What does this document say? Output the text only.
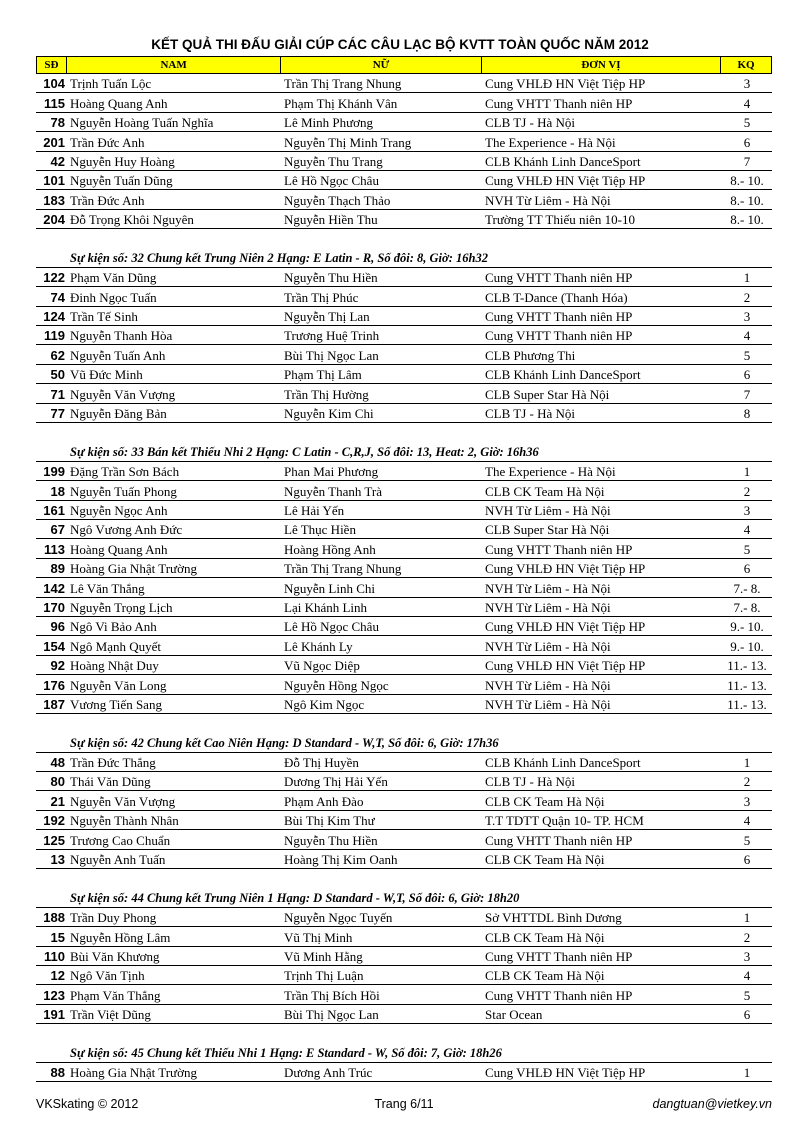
KẾT QUẢ THI ĐẤU GIẢI CÚP CÁC CÂU LẠC BỘ KVTT TOÀN QUỐC NĂM 2012
SĐ	NAM	NỮ	ĐƠN VỊ	KQ
104 Trịnh Tuấn Lộc	Trần Thị Trang Nhung	Cung VHLĐ HN Việt Tiệp HP	3
115 Hoàng Quang Anh	Phạm Thị Khánh Vân	Cung VHTT Thanh niên HP	4
78 Nguyễn Hoàng Tuấn Nghĩa	Lê Minh Phương	CLB TJ - Hà Nội	5
201 Trần Đức Anh	Nguyễn Thị Minh Trang	The Experience - Hà Nội	6
42 Nguyễn Huy Hoàng	Nguyễn Thu Trang	CLB Khánh Linh DanceSport	7
101 Nguyễn Tuấn Dũng	Lê Hồ Ngọc Châu	Cung VHLĐ HN Việt Tiệp HP	8.- 10.
183 Trần Đức Anh	Nguyễn Thạch Thảo	NVH Từ Liêm - Hà Nội	8.- 10.
204 Đỗ Trọng Khôi Nguyên	Nguyễn Hiền Thu	Trường TT Thiếu niên 10-10	8.- 10.
Sự kiện số: 32 Chung kết Trung Niên 2 Hạng: E Latin - R, Số đôi: 8, Giờ: 16h32
122 Phạm Văn Dũng	Nguyễn Thu Hiền	Cung VHTT Thanh niên HP	1
74 Đinh Ngọc Tuấn	Trần Thị Phúc	CLB T-Dance (Thanh Hóa)	2
124 Trần Tế Sinh	Nguyễn Thị Lan	Cung VHTT Thanh niên HP	3
119 Nguyễn Thanh Hòa	Trương Huệ Trinh	Cung VHTT Thanh niên HP	4
62 Nguyễn Tuấn Anh	Bùi Thị Ngọc Lan	CLB Phương Thi	5
50 Vũ Đức Minh	Phạm Thị Lâm	CLB Khánh Linh DanceSport	6
71 Nguyễn Văn Vượng	Trần Thị Hường	CLB Super Star Hà Nội	7
77 Nguyễn Đăng Bản	Nguyễn Kim Chi	CLB TJ - Hà Nội	8
Sự kiện số: 33 Bán kết Thiếu Nhi 2 Hạng: C Latin - C,R,J, Số đôi: 13, Heat: 2, Giờ: 16h36
199 Đặng Trần Sơn Bách	Phan Mai Phương	The Experience - Hà Nội	1
18 Nguyễn Tuấn Phong	Nguyễn Thanh Trà	CLB CK Team Hà Nội	2
161 Nguyễn Ngọc Anh	Lê Hải Yến	NVH Từ Liêm - Hà Nội	3
67 Ngô Vương Anh Đức	Lê Thục Hiền	CLB Super Star Hà Nội	4
113 Hoàng Quang Anh	Hoàng Hồng Anh	Cung VHTT Thanh niên HP	5
89 Hoàng Gia Nhật Trường	Trần Thị Trang Nhung	Cung VHLĐ HN Việt Tiệp HP	6
142 Lê Văn Thắng	Nguyễn Linh Chi	NVH Từ Liêm - Hà Nội	7.- 8.
170 Nguyễn Trọng Lịch	Lại Khánh Linh	NVH Từ Liêm - Hà Nội	7.- 8.
96 Ngô Vi Bảo Anh	Lê Hồ Ngọc Châu	Cung VHLĐ HN Việt Tiệp HP	9.- 10.
154 Ngô Mạnh Quyết	Lê Khánh Ly	NVH Từ Liêm - Hà Nội	9.- 10.
92 Hoàng Nhật Duy	Vũ Ngọc Diệp	Cung VHLĐ HN Việt Tiệp HP	11.- 13.
176 Nguyễn Văn Long	Nguyễn Hồng Ngọc	NVH Từ Liêm - Hà Nội	11.- 13.
187 Vương Tiến Sang	Ngô Kim Ngọc	NVH Từ Liêm - Hà Nội	11.- 13.
Sự kiện số: 42 Chung kết Cao Niên Hạng: D Standard - W,T, Số đôi: 6, Giờ: 17h36
48 Trần Đức Thắng	Đỗ Thị Huyền	CLB Khánh Linh DanceSport	1
80 Thái Văn Dũng	Dương Thị Hải Yến	CLB TJ - Hà Nội	2
21 Nguyễn Văn Vượng	Phạm Anh Đào	CLB CK Team Hà Nội	3
192 Nguyễn Thành Nhân	Bùi Thị Kim Thư	T.T TDTT Quận 10- TP. HCM	4
125 Trương Cao Chuẩn	Nguyễn Thu Hiền	Cung VHTT Thanh niên HP	5
13 Nguyễn Anh Tuấn	Hoàng Thị Kim Oanh	CLB CK Team Hà Nội	6
Sự kiện số: 44 Chung kết Trung Niên 1 Hạng: D Standard - W,T, Số đôi: 6, Giờ: 18h20
188 Trần Duy Phong	Nguyễn Ngọc Tuyến	Sở VHTTDL Bình Dương	1
15 Nguyễn Hồng Lâm	Vũ Thị Minh	CLB CK Team Hà Nội	2
110 Bùi Văn Khương	Vũ Minh Hằng	Cung VHTT Thanh niên HP	3
12 Ngô Văn Tịnh	Trịnh Thị Luận	CLB CK Team Hà Nội	4
123 Phạm Văn Thắng	Trần Thị Bích Hồi	Cung VHTT Thanh niên HP	5
191 Trần Việt Dũng	Bùi Thị Ngọc Lan	Star Ocean	6
Sự kiện số: 45 Chung kết Thiếu Nhi 1 Hạng: E Standard - W, Số đôi: 7, Giờ: 18h26
88 Hoàng Gia Nhật Trường	Dương Anh Trúc	Cung VHLĐ HN Việt Tiệp HP	1
VKSkating © 2012	Trang 6/11	dangtuan@vietkey.vn
